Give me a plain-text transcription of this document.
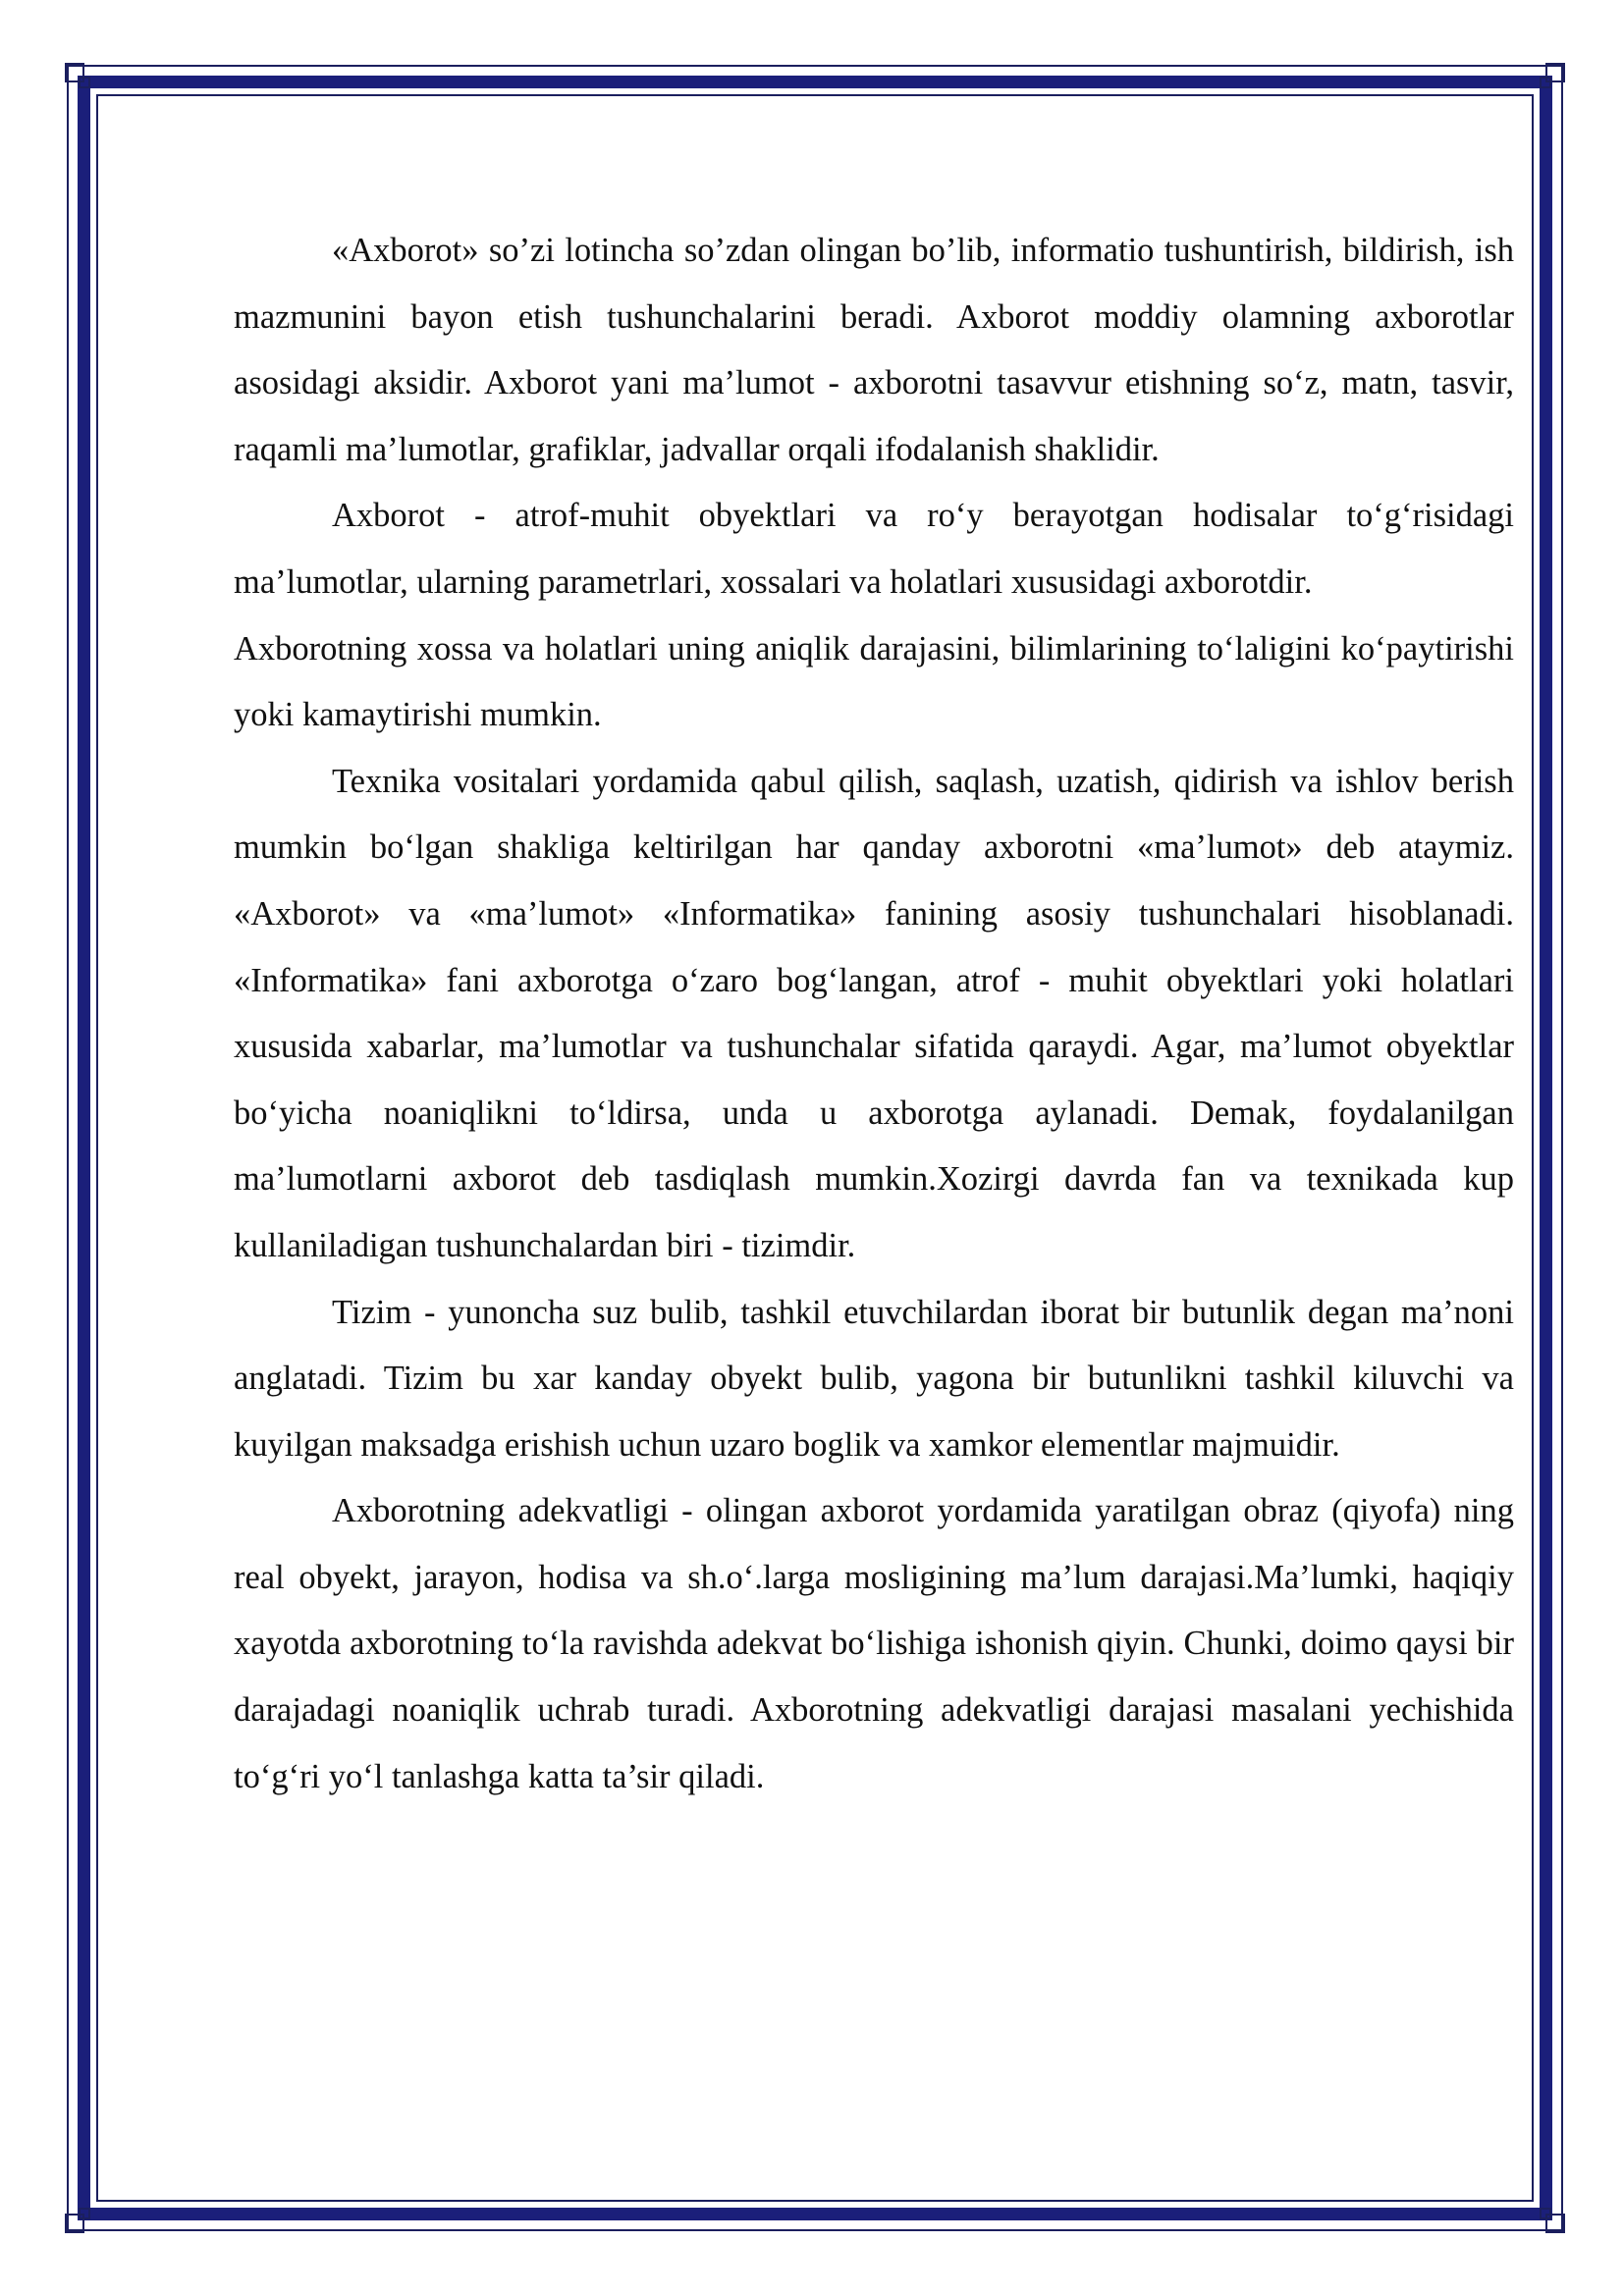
«Axborot» so’zi lotincha so’zdan olingan bo’lib, informatio tushuntirish, bildirish, ish mazmunini bayon etish tushunchalarini beradi. Axborot moddiy olamning axborotlar asosidagi aksidir. Axborot yani ma’lumot - axborotni tasavvur etishning so‘z, matn, tasvir, raqamli ma’lumotlar, grafiklar, jadvallar orqali ifodalanish shaklidir.

Axborot - atrof-muhit obyektlari va ro‘y berayotgan hodisalar to‘g‘risidagi ma’lumotlar, ularning parametrlari, xossalari va holatlari xususidagi axborotdir.

Axborotning xossa va holatlari uning aniqlik darajasini, bilimlarining to‘laligini ko‘paytirishi yoki kamaytirishi mumkin.

Texnika vositalari yordamida qabul qilish, saqlash, uzatish, qidirish va ishlov berish mumkin bo‘lgan shakliga keltirilgan har qanday axborotni «ma’lumot» deb ataymiz. «Axborot» va «ma’lumot» «Informatika» fanining asosiy tushunchalari hisoblanadi. «Informatika» fani axborotga o‘zaro bog‘langan, atrof - muhit obyektlari yoki holatlari xususida xabarlar, ma’lumotlar va tushunchalar sifatida qaraydi. Agar, ma’lumot obyektlar bo‘yicha noaniqlikni to‘ldirsa, unda u axborotga aylanadi. Demak, foydalanilgan ma’lumotlarni axborot deb tasdiqlash mumkin.Xozirgi davrda fan va texnikada kup kullaniladigan tushunchalardan biri - tizimdir.

Tizim - yunoncha suz bulib, tashkil etuvchilardan iborat bir butunlik degan ma’noni anglatadi. Tizim bu xar kanday obyekt bulib, yagona bir butunlikni tashkil kiluvchi va kuyilgan maksadga erishish uchun uzaro boglik va xamkor elementlar majmuidir.

Axborotning adekvatligi - olingan axborot yordamida yaratilgan obraz (qiyofa) ning real obyekt, jarayon, hodisa va sh.o‘.larga mosligining ma’lum darajasi.Ma’lumki, haqiqiy xayotda axborotning to‘la ravishda adekvat bo‘lishiga ishonish qiyin. Chunki, doimo qaysi bir darajadagi noaniqlik uchrab turadi. Axborotning adekvatligi darajasi masalani yechishida to‘g‘ri yo‘l tanlashga katta ta’sir qiladi.
